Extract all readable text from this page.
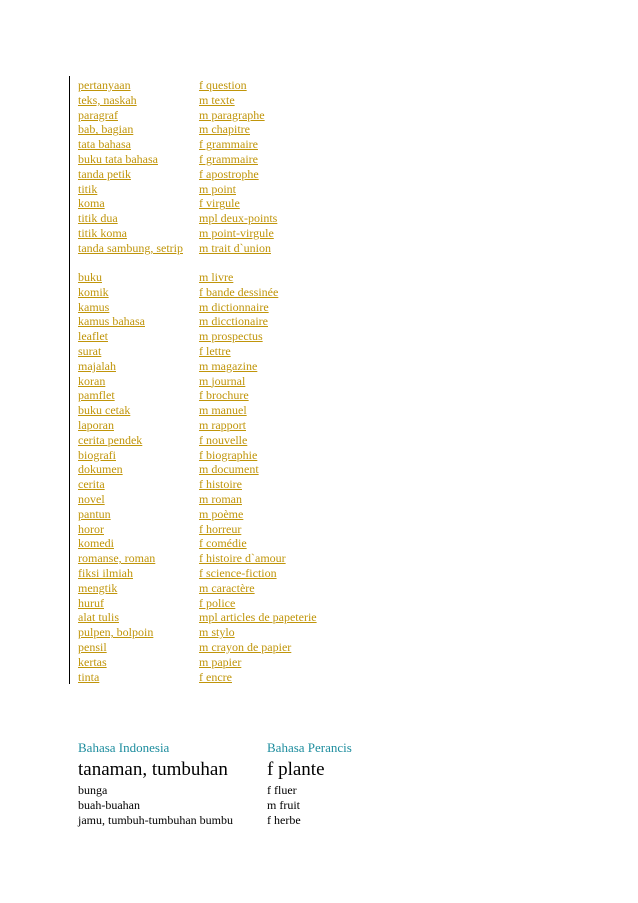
pertanyaan	f question
teks, naskah	m texte
paragraf	m paragraphe
bab, bagian	m chapitre
tata bahasa	f grammaire
buku tata bahasa	f grammaire
tanda petik	f apostrophe
titik	m point
koma	f virgule
titik dua	mpl deux-points
titik koma	m point-virgule
tanda sambung, setrip	m trait d`union
buku	m livre
komik	f bande dessinée
kamus	m dictionnaire
kamus bahasa	m dicctionaire
leaflet	m prospectus
surat	f lettre
majalah	m magazine
koran	m journal
pamflet	f brochure
buku cetak	m manuel
laporan	m rapport
cerita pendek	f nouvelle
biografi	f biographie
dokumen	m document
cerita	f histoire
novel	m roman
pantun	m poème
horor	f horreur
komedi	f comédie
romanse, roman	f histoire d`amour
fiksi ilmiah	f science-fiction
mengtik	m caractère
huruf	f police
alat tulis	mpl articles de papeterie
pulpen, bolpoin	m stylo
pensil	m crayon de papier
kertas	m papier
tinta	f encre
Bahasa Indonesia	Bahasa Perancis
tanaman, tumbuhan	f plante
bunga	f fluer
buah-buahan	m fruit
jamu, tumbuh-tumbuhan bumbu	f herbe
